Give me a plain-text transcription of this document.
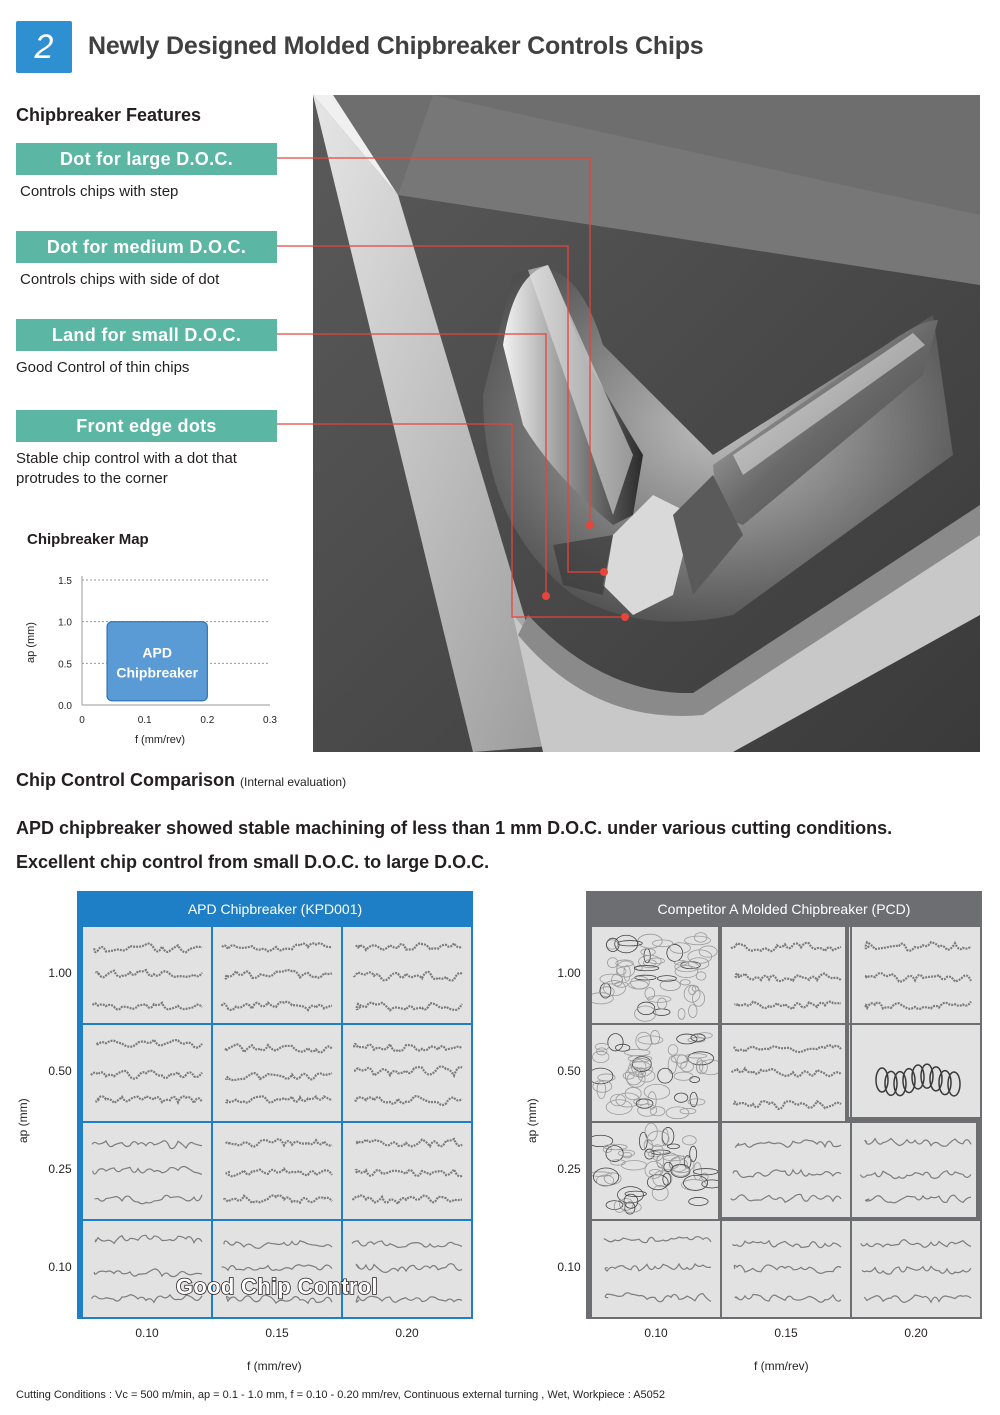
2	Newly Designed Molded Chipbreaker Controls Chips
Chipbreaker Features
Dot for large D.O.C.
Controls chips with step
Dot for medium D.O.C.
Controls chips with side of dot
Land for small D.O.C.
Good Control of thin chips
Front edge dots
Stable chip control with a dot that
protrudes to the corner
Chipbreaker Map
1.5
1.0
0.5
0.0
0	0.1	0.2	0.3
APD
Chipbreaker
ap (mm)
f (mm/rev)
Chip Control Comparison (Internal evaluation)
APD chipbreaker showed stable machining of less than 1 mm D.O.C. under various cutting conditions.
Excellent chip control from small D.O.C. to large D.O.C.
APD Chipbreaker (KPD001)	Competitor A Molded Chipbreaker (PCD)
Good Chip Control
1.00
0.50
0.25
0.10
1.00
0.50
0.25
0.10
0.10	0.15	0.20	0.10	0.15	0.20
ap (mm)	ap (mm)
f (mm/rev)	f (mm/rev)
Cutting Conditions : Vc = 500 m/min, ap = 0.1 - 1.0 mm, f = 0.10 - 0.20 mm/rev, Continuous external turning , Wet, Workpiece : A5052
